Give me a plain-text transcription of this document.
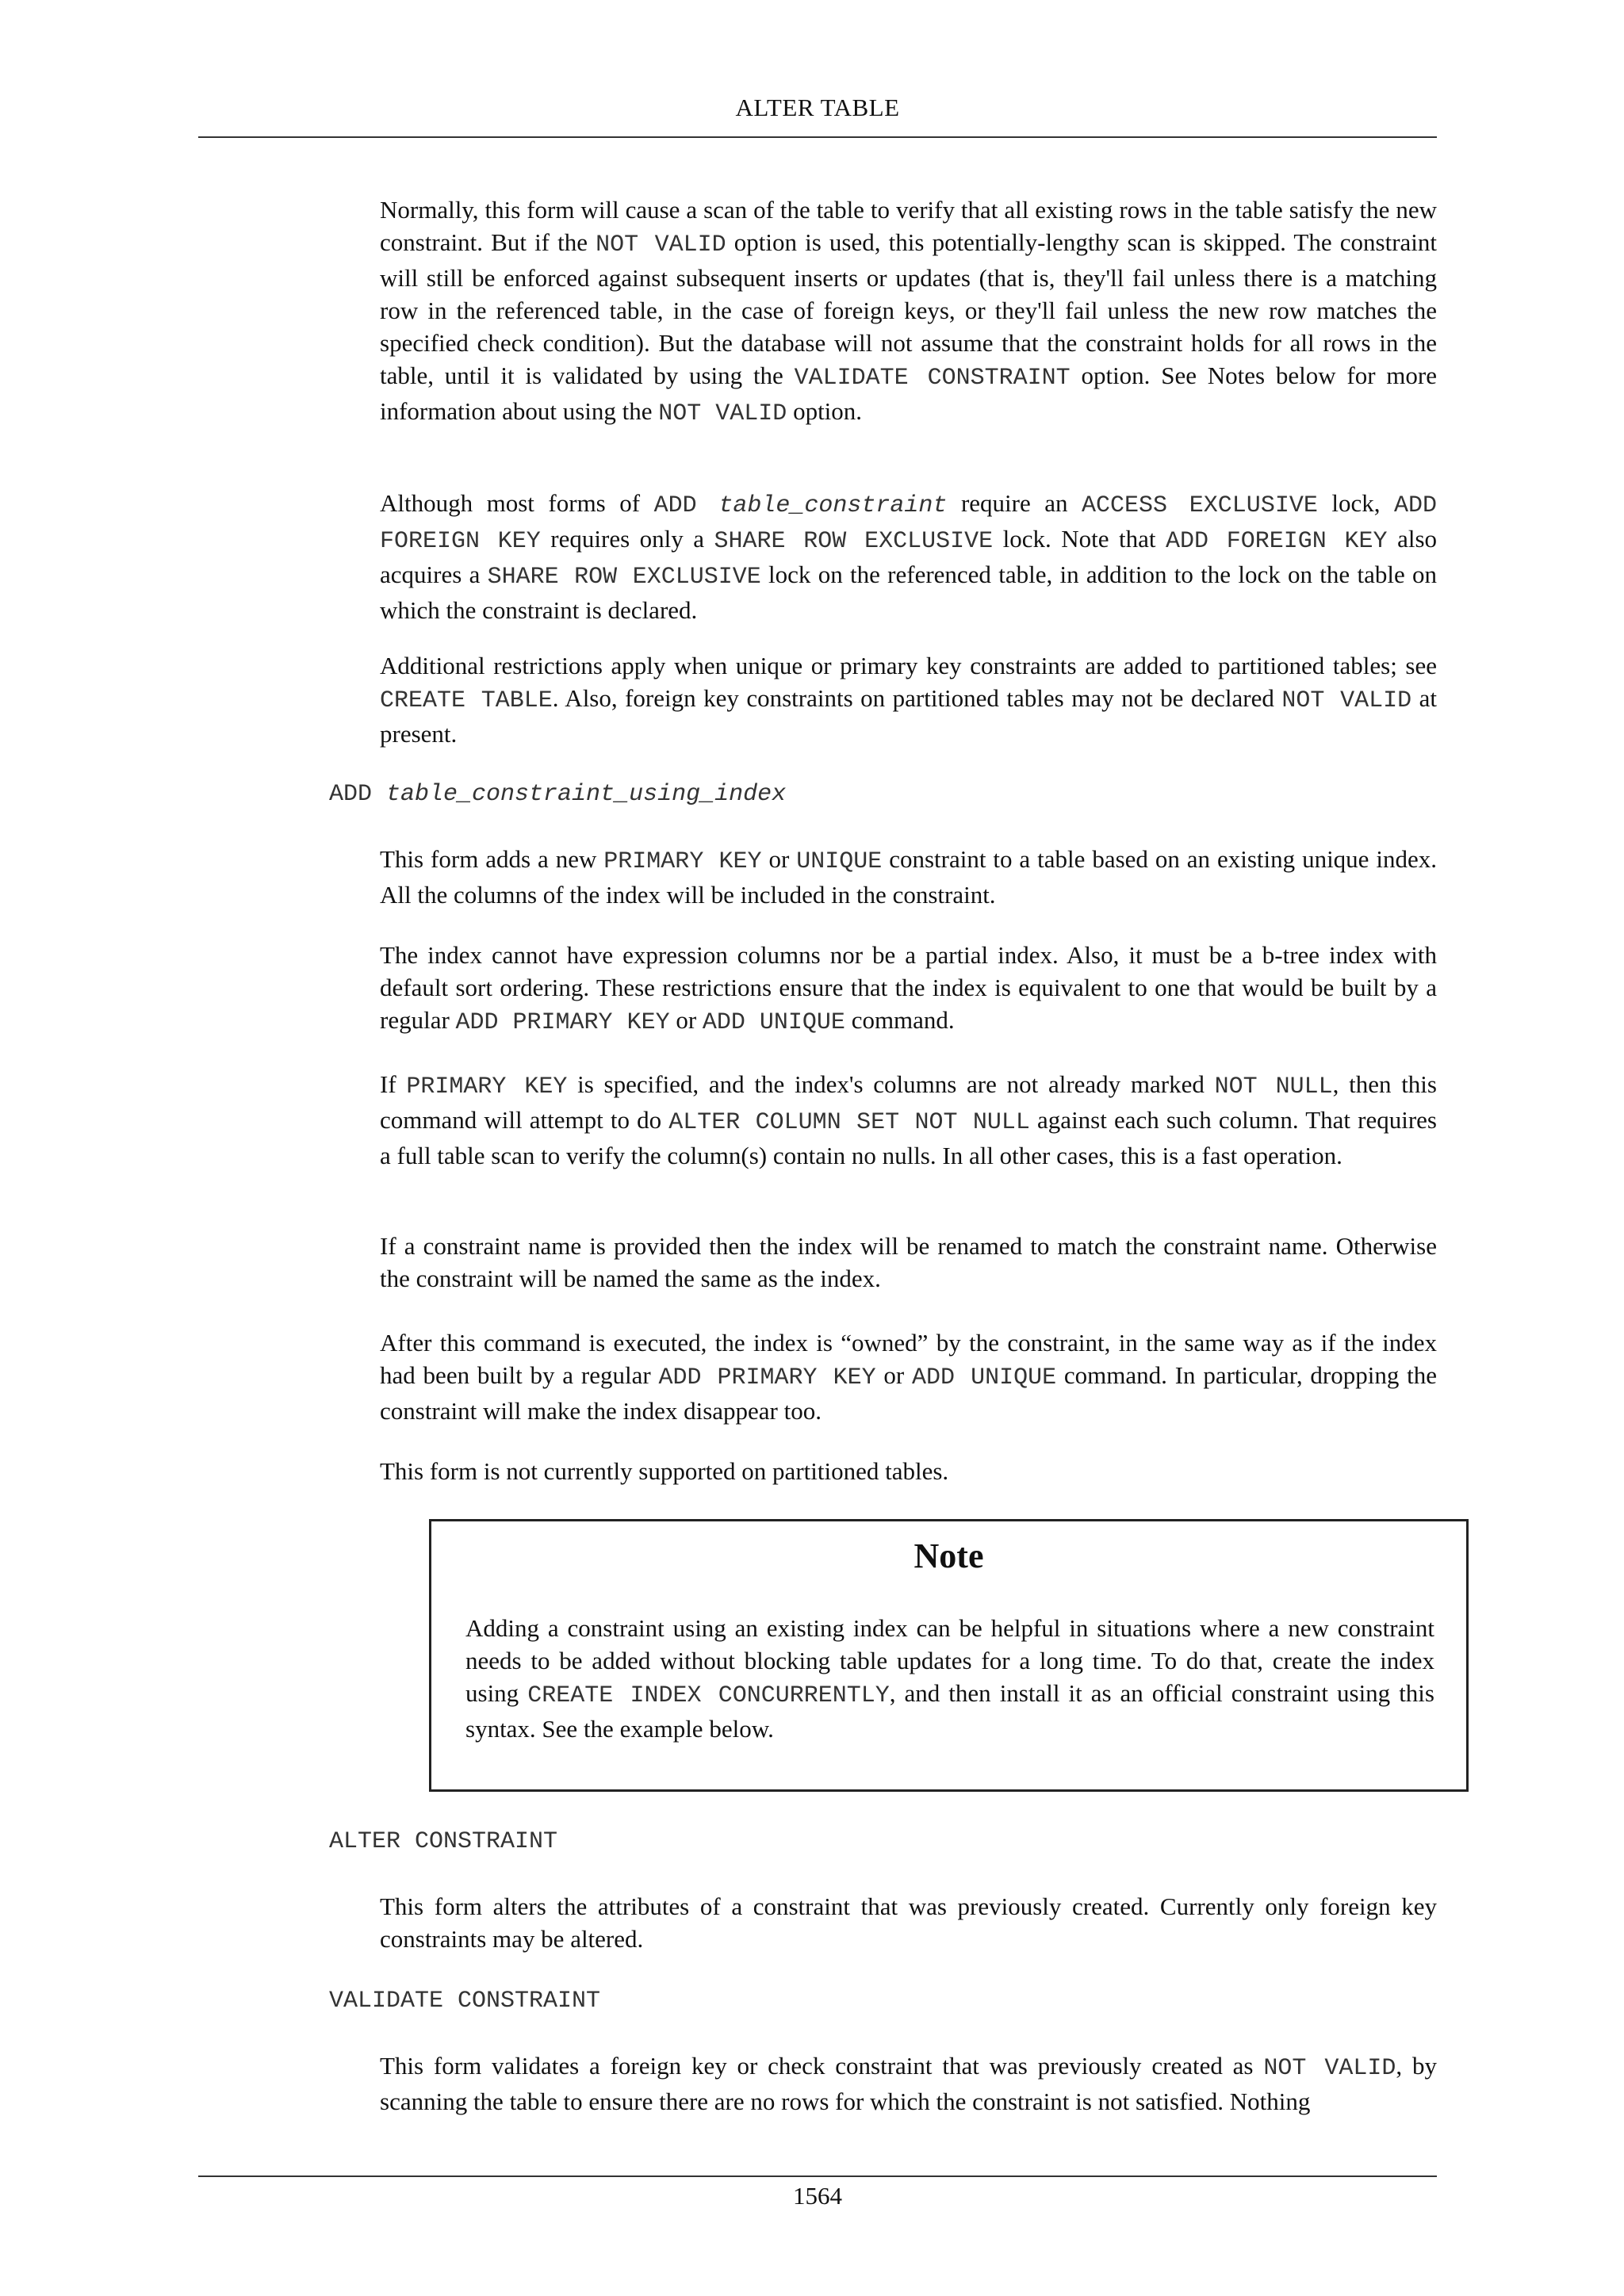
ALTER TABLE

Normally, this form will cause a scan of the table to verify that all existing rows in the table satisfy the new constraint. But if the NOT VALID option is used, this potentially-lengthy scan is skipped. The constraint will still be enforced against subsequent inserts or updates (that is, they'll fail unless there is a matching row in the referenced table, in the case of foreign keys, or they'll fail unless the new row matches the specified check condition). But the database will not assume that the constraint holds for all rows in the table, until it is validated by using the VALIDATE CONSTRAINT option. See Notes below for more information about using the NOT VALID option.

Although most forms of ADD table_constraint require an ACCESS EXCLUSIVE lock, ADD FOREIGN KEY requires only a SHARE ROW EXCLUSIVE lock. Note that ADD FOREIGN KEY also acquires a SHARE ROW EXCLUSIVE lock on the referenced table, in addition to the lock on the table on which the constraint is declared.

Additional restrictions apply when unique or primary key constraints are added to partitioned tables; see CREATE TABLE. Also, foreign key constraints on partitioned tables may not be declared NOT VALID at present.

ADD table_constraint_using_index

This form adds a new PRIMARY KEY or UNIQUE constraint to a table based on an existing unique index. All the columns of the index will be included in the constraint.

The index cannot have expression columns nor be a partial index. Also, it must be a b-tree index with default sort ordering. These restrictions ensure that the index is equivalent to one that would be built by a regular ADD PRIMARY KEY or ADD UNIQUE command.

If PRIMARY KEY is specified, and the index's columns are not already marked NOT NULL, then this command will attempt to do ALTER COLUMN SET NOT NULL against each such column. That requires a full table scan to verify the column(s) contain no nulls. In all other cases, this is a fast operation.

If a constraint name is provided then the index will be renamed to match the constraint name. Otherwise the constraint will be named the same as the index.

After this command is executed, the index is “owned” by the constraint, in the same way as if the index had been built by a regular ADD PRIMARY KEY or ADD UNIQUE command. In particular, dropping the constraint will make the index disappear too.

This form is not currently supported on partitioned tables.

Note

Adding a constraint using an existing index can be helpful in situations where a new constraint needs to be added without blocking table updates for a long time. To do that, create the index using CREATE INDEX CONCURRENTLY, and then install it as an official constraint using this syntax. See the example below.

ALTER CONSTRAINT

This form alters the attributes of a constraint that was previously created. Currently only foreign key constraints may be altered.

VALIDATE CONSTRAINT

This form validates a foreign key or check constraint that was previously created as NOT VALID, by scanning the table to ensure there are no rows for which the constraint is not satisfied. Nothing

1564
